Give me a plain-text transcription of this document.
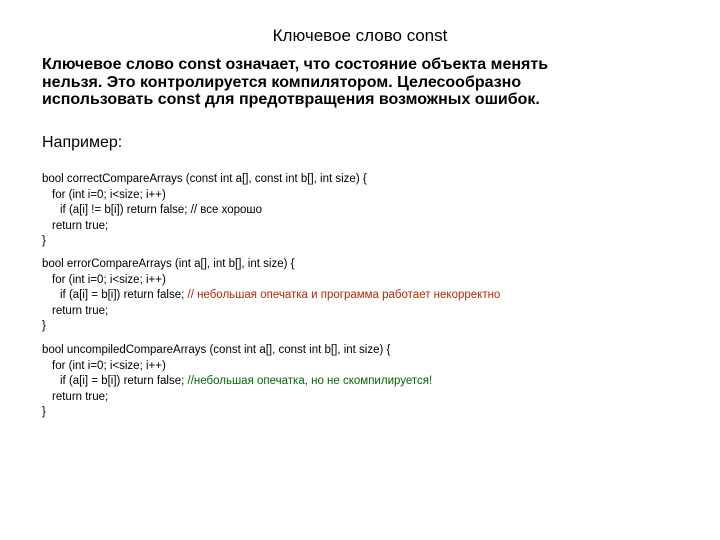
Ключевое слово const
Ключевое слово const означает, что состояние объекта менять
нельзя. Это контролируется компилятором. Целесообразно
использовать const для предотвращения возможных ошибок.
Например:
bool correctCompareArrays (const int a[], const int b[], int size) {
for (int i=0; i<size; i++)
if (a[i] != b[i]) return false; // все хорошо
return true;
}
bool errorCompareArrays (int a[], int b[], int size) {
for (int i=0; i<size; i++)
if (a[i] = b[i]) return false; // небольшая опечатка и программа работает некорректно
return true;
}
bool uncompiledCompareArrays (const int a[], const int b[], int size) {
for (int i=0; i<size; i++)
if (a[i] = b[i]) return false; //небольшая опечатка, но не скомпилируется!
return true;
}
